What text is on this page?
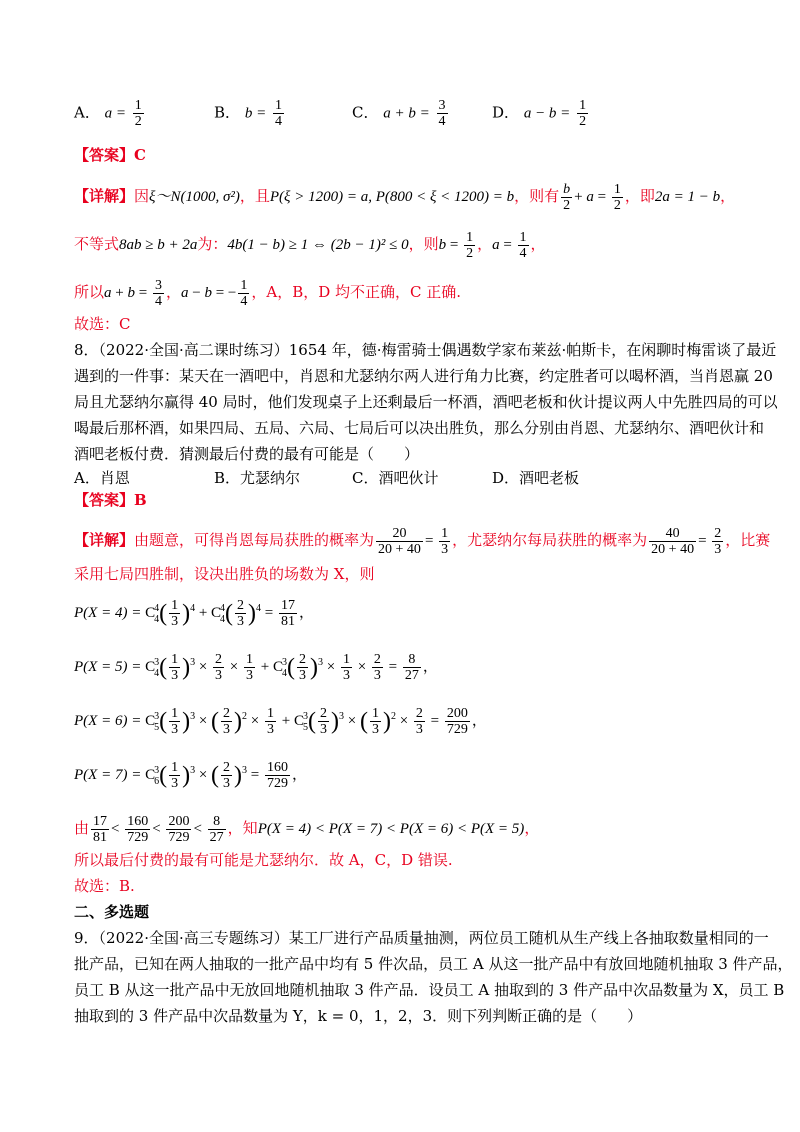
A． $a = \frac{1}{2}$	B． $b = \frac{1}{4}$	C． $a + b = \frac{3}{4}$	D． $a - b = \frac{1}{2}$
【答案】C
【详解】因ξ～N(1000, σ²)，且P(ξ > 1200) = a, P(800 < ξ < 1200) = b，则有 $\frac{b}{2} + a = \frac{1}{2}$ ，即2a = 1 − b，
不等式8ab ≥ b + 2a为：4b(1 − b) ≥ 1 ⇔ (2b − 1)² ≤ 0，则$b = \frac{1}{2}$ ，$a = \frac{1}{4}$ ，
所以$a + b = \frac{3}{4}$ ，a − b = − $\frac{1}{4}$ ，A，B，D 均不正确，C 正确.
故选：C
8．（2022·全国·高二课时练习）1654 年，德·梅雷骑士偶遇数学家布莱兹·帕斯卡，在闲聊时梅雷谈了最近
遇到的一件事：某天在一酒吧中，肖恩和尤瑟纳尔两人进行角力比赛，约定胜者可以喝杯酒，当肖恩赢 20
局且尤瑟纳尔赢得 40 局时，他们发现桌子上还剩最后一杯酒，酒吧老板和伙计提议两人中先胜四局的可以
喝最后那杯酒，如果四局、五局、六局、七局后可以决出胜负，那么分别由肖恩、尤瑟纳尔、酒吧伙计和
酒吧老板付费．猜测最后付费的最有可能是（　　）
A．肖恩	B．尤瑟纳尔	C．酒吧伙计	D．酒吧老板
【答案】B
【详解】由题意，可得肖恩每局获胜的概率为 $\frac{20}{20 + 40} = \frac{1}{3}$ ，尤瑟纳尔每局获胜的概率为 $\frac{40}{20 + 40} = \frac{2}{3}$ ，比赛
采用七局四胜制，设决出胜负的场数为 X，则
P(X = 4) = C 4
4 ( $\frac{1}{3} )^4 + C$ 4
4 ( $\frac{2}{3} )^4 = \frac{17}{81}$ ，
P(X = 5) = C 3
4 ( $\frac{1}{3} )^3 \times \frac{2}{3} \times \frac{1}{3} + C$ 3
4 ( $\frac{2}{3} )^3 \times \frac{1}{3} \times \frac{2}{3} = \frac{8}{27}$ ，
P(X = 6) = C 3
5 ( $\frac{1}{3} )^3$ × ( $\frac{2}{3} )^2 \times \frac{1}{3} + C$ 3
5 ( $\frac{2}{3} )^3$ × ( $\frac{1}{3} )^2 \times \frac{2}{3} = \frac{200}{729}$ ，
P(X = 7) = C 3
6 ( $\frac{1}{3} )^3$ × ( $\frac{2}{3} )^3 = \frac{160}{729}$ ，
由 $\frac{17}{81} < \frac{160}{729} < \frac{200}{729} < \frac{8}{27}$ ，知P(X = 4) < P(X = 7) < P(X = 6) < P(X = 5)，
所以最后付费的最有可能是尤瑟纳尔．故 A，C，D 错误.
故选：B.
二、多选题
9．（2022·全国·高三专题练习）某工厂进行产品质量抽测，两位员工随机从生产线上各抽取数量相同的一
批产品，已知在两人抽取的一批产品中均有 5 件次品，员工 A 从这一批产品中有放回地随机抽取 3 件产品，
员工 B 从这一批产品中无放回地随机抽取 3 件产品．设员工 A 抽取到的 3 件产品中次品数量为 X，员工 B
抽取到的 3 件产品中次品数量为 Y，k = 0，1，2，3．则下列判断正确的是（　　）
